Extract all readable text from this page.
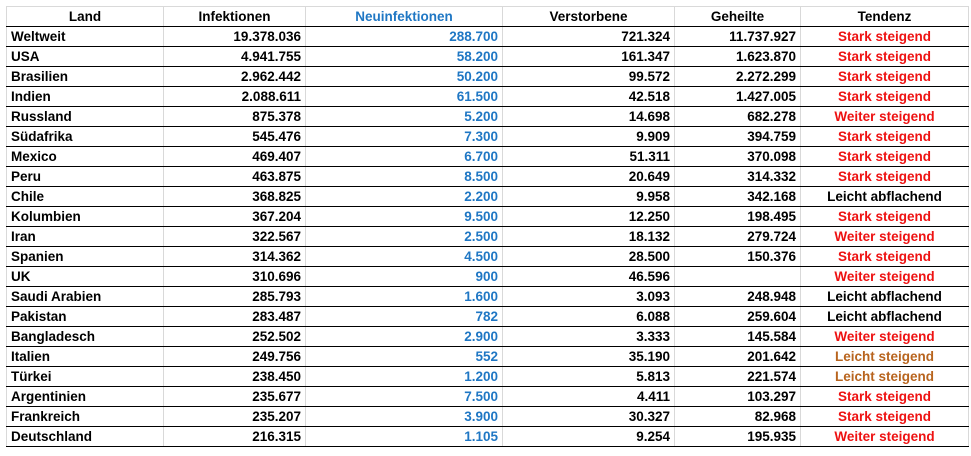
Land	Infektionen	Neuinfektionen	Verstorbene	Geheilte	Tendenz
Weltweit	19.378.036	288.700	721.324	11.737.927	Stark steigend
USA	4.941.755	58.200	161.347	1.623.870	Stark steigend
Brasilien	2.962.442	50.200	99.572	2.272.299	Stark steigend
Indien	2.088.611	61.500	42.518	1.427.005	Stark steigend
Russland	875.378	5.200	14.698	682.278	Weiter steigend
Südafrika	545.476	7.300	9.909	394.759	Stark steigend
Mexico	469.407	6.700	51.311	370.098	Stark steigend
Peru	463.875	8.500	20.649	314.332	Stark steigend
Chile	368.825	2.200	9.958	342.168	Leicht abflachend
Kolumbien	367.204	9.500	12.250	198.495	Stark steigend
Iran	322.567	2.500	18.132	279.724	Weiter steigend
Spanien	314.362	4.500	28.500	150.376	Stark steigend
UK	310.696	900	46.596		Weiter steigend
Saudi Arabien	285.793	1.600	3.093	248.948	Leicht abflachend
Pakistan	283.487	782	6.088	259.604	Leicht abflachend
Bangladesch	252.502	2.900	3.333	145.584	Weiter steigend
Italien	249.756	552	35.190	201.642	Leicht steigend
Türkei	238.450	1.200	5.813	221.574	Leicht steigend
Argentinien	235.677	7.500	4.411	103.297	Stark steigend
Frankreich	235.207	3.900	30.327	82.968	Stark steigend
Deutschland	216.315	1.105	9.254	195.935	Weiter steigend
